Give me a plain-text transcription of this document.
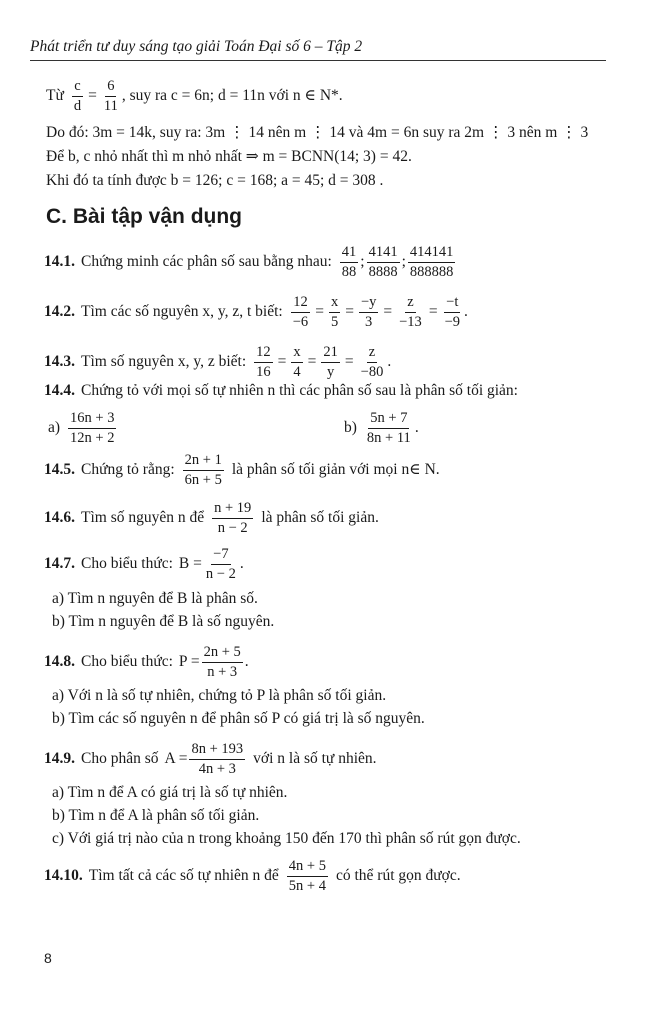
Phát triển tư duy sáng tạo giải Toán Đại số 6 – Tập 2
Từ $\frac{c}{d} = \frac{6}{11}$ , suy ra c = 6n; d = 11n với n ∈ N*.
Do đó: 3m = 14k, suy ra: 3m ⋮ 14 nên m ⋮ 14 và 4m = 6n suy ra 2m ⋮ 3 nên m ⋮ 3
Để b, c nhỏ nhất thì m nhỏ nhất ⇒ m = BCNN(14; 3) = 42.
Khi đó ta tính được b = 126; c = 168; a = 45; d = 308 .
C. Bài tập vận dụng
14.1. Chứng minh các phân số sau bằng nhau: $\frac{41}{88}$ ; $\frac{4141}{8888}$ ; $\frac{414141}{888888}$
14.2. Tìm các số nguyên x, y, z, t biết: $\frac{12}{-6} = \frac{x}{5} = \frac{-y}{3} = \frac{z}{-13} = \frac{-t}{-9}$ .
14.3. Tìm số nguyên x, y, z biết: $\frac{12}{16} = \frac{x}{4} = \frac{21}{y} = \frac{z}{-80}$ .
14.4. Chứng tỏ với mọi số tự nhiên n thì các phân số sau là phân số tối giản:
$a) \frac{16n + 3}{12n + 2}$	$b) \frac{5n + 7}{8n + 11}$ .
14.5. Chứng tỏ rằng: $\frac{2n + 1}{6n + 5}$ là phân số tối giản với mọi n∈ N.
14.6. Tìm số nguyên n để $\frac{n + 19}{n - 2}$ là phân số tối giản.
14.7. Cho biểu thức: $B = \frac{-7}{n - 2}$ .
a) Tìm n nguyên để B là phân số.
b) Tìm n nguyên để B là số nguyên.
14.8. Cho biểu thức: $P = \frac{2n + 5}{n + 3}$ .
a) Với n là số tự nhiên, chứng tỏ P là phân số tối giản.
b) Tìm các số nguyên n để phân số P có giá trị là số nguyên.
14.9. Cho phân số $A = \frac{8n + 193}{4n + 3}$ với n là số tự nhiên.
a) Tìm n để A có giá trị là số tự nhiên.
b) Tìm n để A là phân số tối giản.
c) Với giá trị nào của n trong khoảng 150 đến 170 thì phân số rút gọn được.
14.10. Tìm tất cả các số tự nhiên n để $\frac{4n + 5}{5n + 4}$ có thể rút gọn được.
8
